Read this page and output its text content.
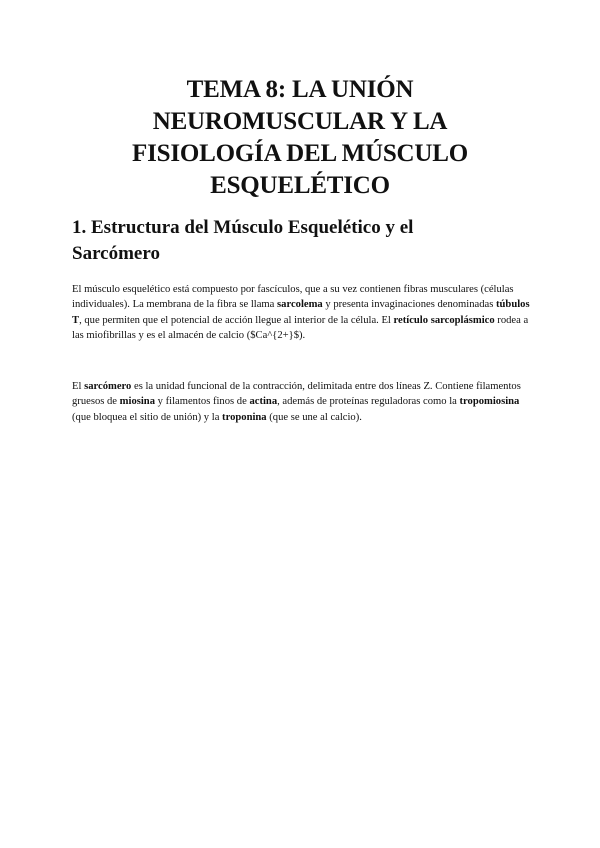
TEMA 8: LA UNIÓN
NEUROMUSCULAR Y LA
FISIOLOGÍA DEL MÚSCULO
ESQUELÉTICO
1. Estructura del Músculo Esquelético y el
Sarcómero

El músculo esquelético está compuesto por fascículos, que a su vez contienen fibras musculares (células individuales). La membrana de la fibra se llama sarcolema y presenta invaginaciones denominadas túbulos T, que permiten que el potencial de acción llegue al interior de la célula. El retículo sarcoplásmico rodea a las miofibrillas y es el almacén de calcio ($Ca^{2+}$).

El sarcómero es la unidad funcional de la contracción, delimitada entre dos líneas Z. Contiene filamentos gruesos de miosina y filamentos finos de actina, además de proteínas reguladoras como la tropomiosina (que bloquea el sitio de unión) y la troponina (que se une al calcio).
